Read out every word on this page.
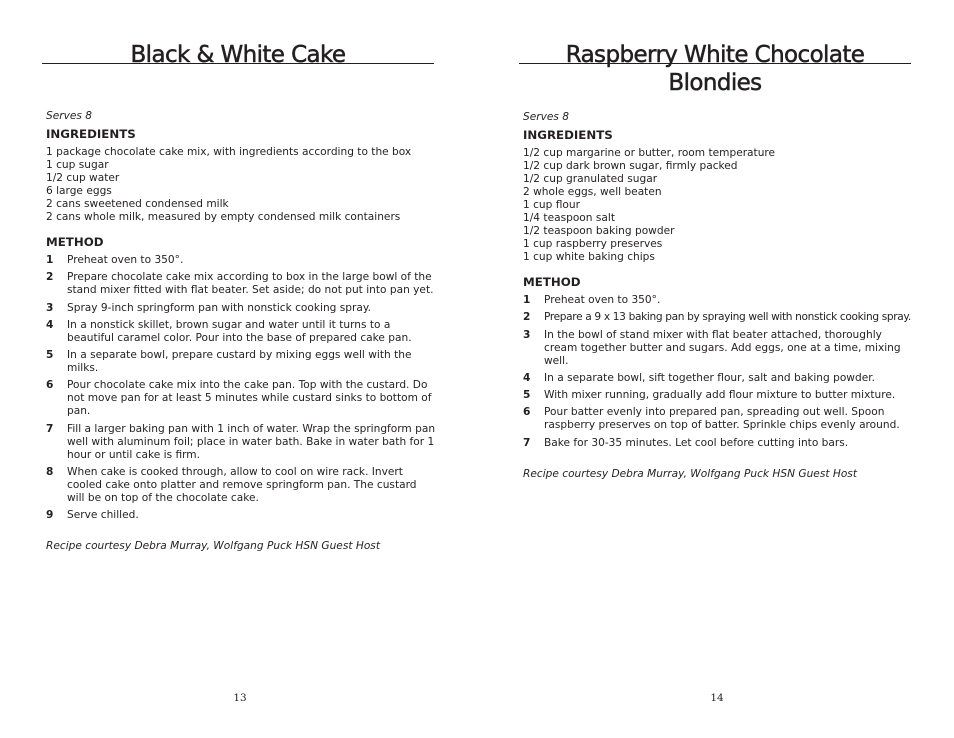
Black & White Cake

Serves 8

INGREDIENTS

1 package chocolate cake mix, with ingredients according to the box
1 cup sugar
1/2 cup water
6 large eggs
2 cans sweetened condensed milk
2 cans whole milk, measured by empty condensed milk containers

METHOD

1 Preheat oven to 350°.
2 Prepare chocolate cake mix according to box in the large bowl of the stand mixer fitted with flat beater. Set aside; do not put into pan yet.
3 Spray 9-inch springform pan with nonstick cooking spray.
4 In a nonstick skillet, brown sugar and water until it turns to a beautiful caramel color. Pour into the base of prepared cake pan.
5 In a separate bowl, prepare custard by mixing eggs well with the milks.
6 Pour chocolate cake mix into the cake pan. Top with the custard. Do not move pan for at least 5 minutes while custard sinks to bottom of pan.
7 Fill a larger baking pan with 1 inch of water. Wrap the springform pan well with aluminum foil; place in water bath. Bake in water bath for 1 hour or until cake is firm.
8 When cake is cooked through, allow to cool on wire rack. Invert cooled cake onto platter and remove springform pan. The custard will be on top of the chocolate cake.
9 Serve chilled.

Recipe courtesy Debra Murray, Wolfgang Puck HSN Guest Host

13
Raspberry White Chocolate
Blondies

Serves 8

INGREDIENTS

1/2 cup margarine or butter, room temperature
1/2 cup dark brown sugar, firmly packed
1/2 cup granulated sugar
2 whole eggs, well beaten
1 cup flour
1/4 teaspoon salt
1/2 teaspoon baking powder
1 cup raspberry preserves
1 cup white baking chips

METHOD

1 Preheat oven to 350°.
2 Prepare a 9 x 13 baking pan by spraying well with nonstick cooking spray.
3 In the bowl of stand mixer with flat beater attached, thoroughly cream together butter and sugars. Add eggs, one at a time, mixing well.
4 In a separate bowl, sift together flour, salt and baking powder.
5 With mixer running, gradually add flour mixture to butter mixture.
6 Pour batter evenly into prepared pan, spreading out well. Spoon raspberry preserves on top of batter. Sprinkle chips evenly around.
7 Bake for 30-35 minutes. Let cool before cutting into bars.

Recipe courtesy Debra Murray, Wolfgang Puck HSN Guest Host

14
